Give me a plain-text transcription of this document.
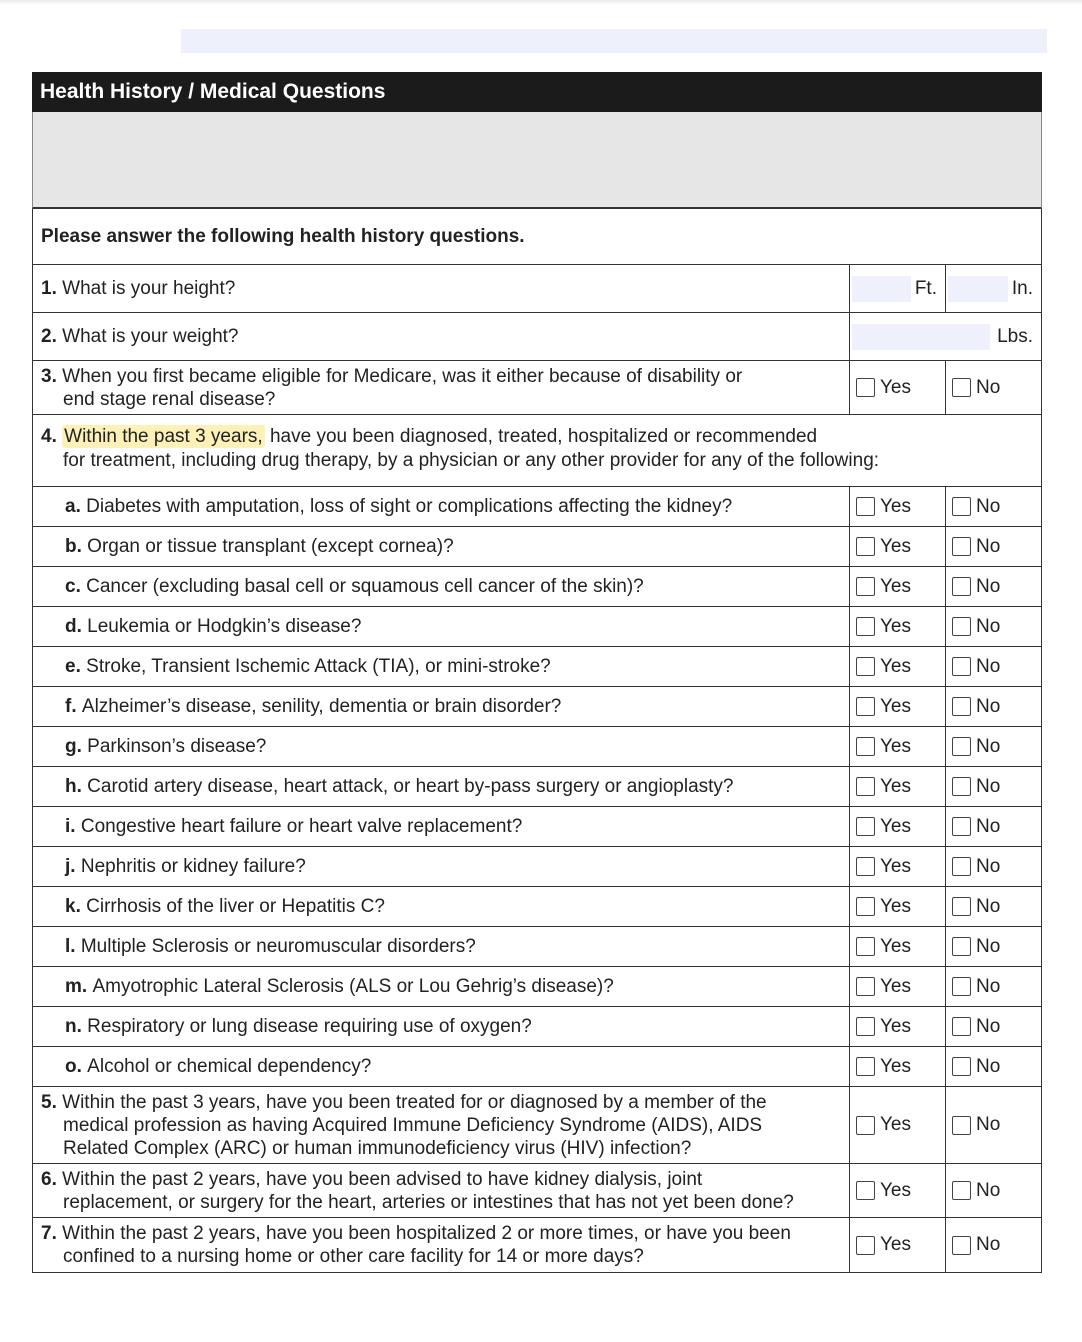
Health History / Medical Questions
Please answer the following health history questions.
1.
What is your height?	Ft.	In.
2.
What is your weight?	Lbs.
3. When you first became eligible for Medicare, was it either because of disability or
end stage renal disease?
Yes	No
4. Within the past 3 years, have you been diagnosed, treated, hospitalized or recommended
for treatment, including drug therapy, by a physician or any other provider for any of the following:
a.
Diabetes with amputation, loss of sight or complications affecting the kidney?	Yes	No
b.
Organ or tissue transplant (except cornea)?	Yes	No
c.
Cancer (excluding basal cell or squamous cell cancer of the skin)?	Yes	No
d.
Leukemia or Hodgkin’s disease?	Yes	No
e.
Stroke, Transient Ischemic Attack (TIA), or mini-stroke?	Yes	No
f.
Alzheimer’s disease, senility, dementia or brain disorder?	Yes	No
g.
Parkinson’s disease?	Yes	No
h.
Carotid artery disease, heart attack, or heart by-pass surgery or angioplasty?	Yes	No
i.
Congestive heart failure or heart valve replacement?	Yes	No
j.
Nephritis or kidney failure?	Yes	No
k.
Cirrhosis of the liver or Hepatitis C?	Yes	No
l.
Multiple Sclerosis or neuromuscular disorders?	Yes	No
m.
Amyotrophic Lateral Sclerosis (ALS or Lou Gehrig’s disease)?	Yes	No
n.
Respiratory or lung disease requiring use of oxygen?	Yes	No
o.
Alcohol or chemical dependency?	Yes	No
5. Within the past 3 years, have you been treated for or diagnosed by a member of the
medical profession as having Acquired Immune Deficiency Syndrome (AIDS), AIDS
Related Complex (ARC) or human immunodeficiency virus (HIV) infection?
Yes	No
6. Within the past 2 years, have you been advised to have kidney dialysis, joint
replacement, or surgery for the heart, arteries or intestines that has not yet been done?
Yes	No
7. Within the past 2 years, have you been hospitalized 2 or more times, or have you been
confined to a nursing home or other care facility for 14 or more days?
Yes	No
